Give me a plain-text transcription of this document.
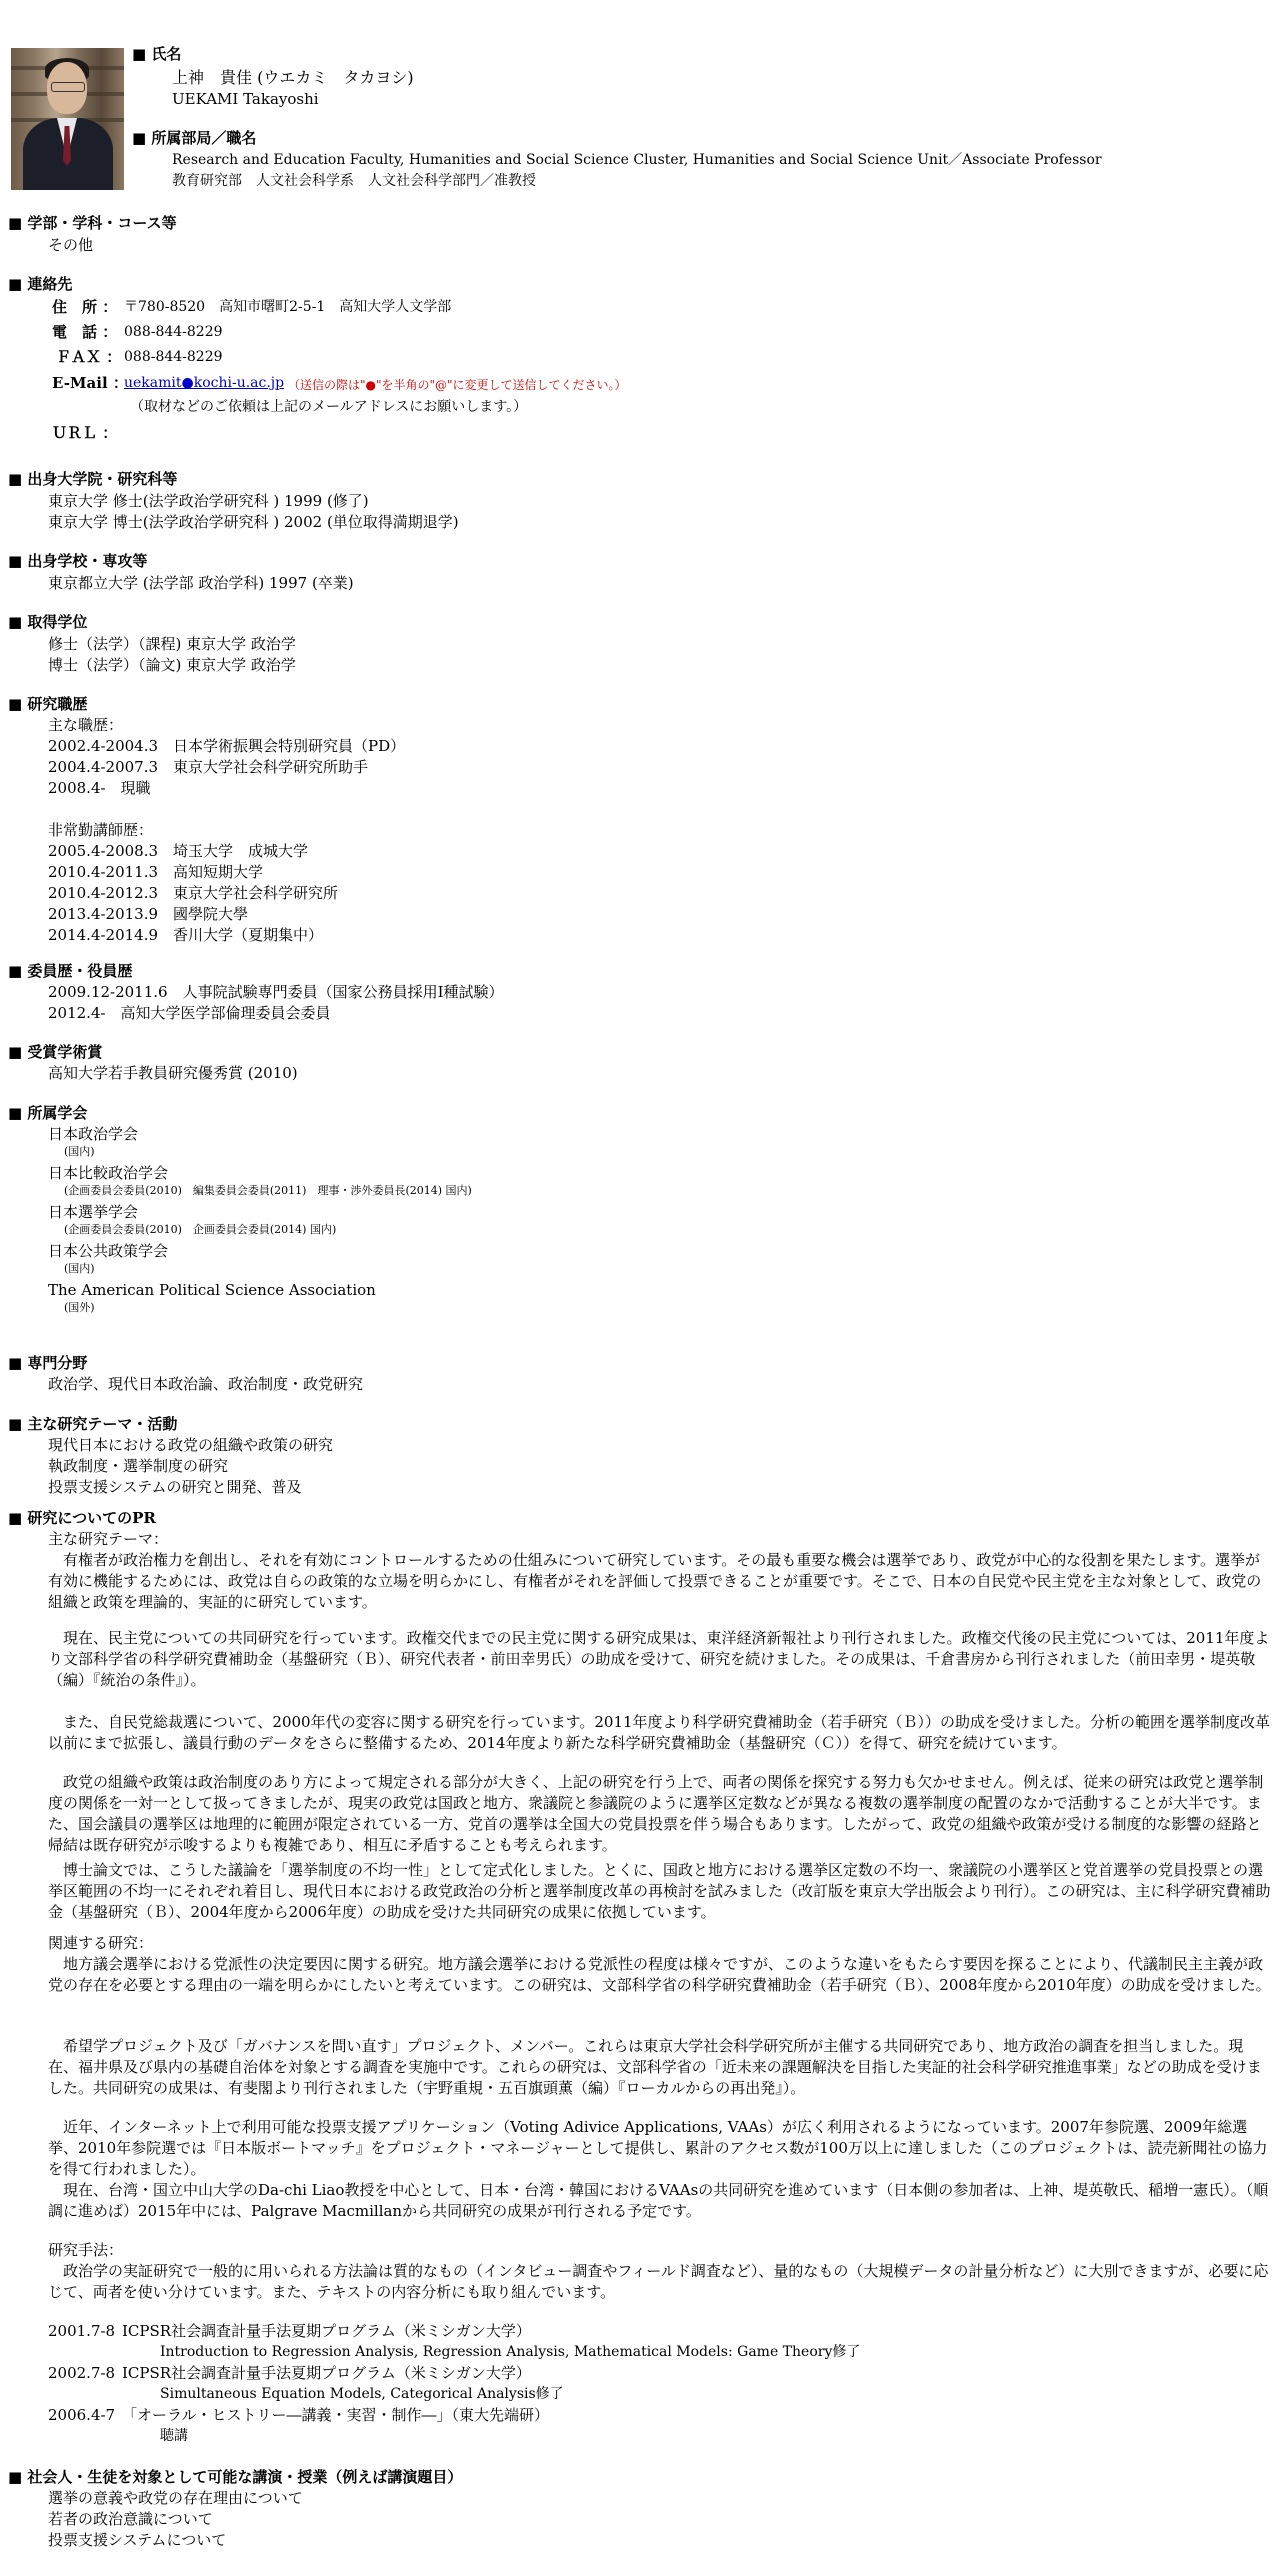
■ 氏名
上神　貴佳 (ウエカミ　タカヨシ)
UEKAMI Takayoshi
■ 所属部局／職名
Research and Education Faculty, Humanities and Social Science Cluster, Humanities and Social Science Unit／Associate Professor
教育研究部　人文社会科学系　人文社会科学部門／准教授
■ 学部・学科・コース等
その他
■ 連絡先
住　所 ： 〒780-8520　高知市曙町2-5-1　高知大学人文学部
電　話 ： 088-844-8229
ＦＡＸ ： 088-844-8229
E-Mail ：
uekamit●kochi-u.ac.jp （送信の際は"●"を半角の"@"に変更して送信してください。）
（取材などのご依頼は上記のメールアドレスにお願いします。）
ＵＲＬ ：
■ 出身大学院・研究科等
東京大学 修士(法学政治学研究科 ) 1999 (修了)
東京大学 博士(法学政治学研究科 ) 2002 (単位取得満期退学)
■ 出身学校・専攻等
東京都立大学 (法学部 政治学科) 1997 (卒業)
■ 取得学位
修士（法学）（課程) 東京大学 政治学
博士（法学）（論文) 東京大学 政治学
■ 研究職歴
主な職歴：
2002.4-2004.3　日本学術振興会特別研究員（PD）
2004.4-2007.3　東京大学社会科学研究所助手
2008.4-　現職
非常勤講師歴：
2005.4-2008.3　埼玉大学　成城大学
2010.4-2011.3　高知短期大学
2010.4-2012.3　東京大学社会科学研究所
2013.4-2013.9　國學院大學
2014.4-2014.9　香川大学（夏期集中）
■ 委員歴・役員歴
2009.12-2011.6　人事院試験専門委員（国家公務員採用Ⅰ種試験）
2012.4-　高知大学医学部倫理委員会委員
■ 受賞学術賞
高知大学若手教員研究優秀賞 (2010)
■ 所属学会
日本政治学会
(国内)
日本比較政治学会
(企画委員会委員(2010)　編集委員会委員(2011)　理事・渉外委員長(2014) 国内)
日本選挙学会
(企画委員会委員(2010)　企画委員会委員(2014) 国内)
日本公共政策学会
(国内)
The American Political Science Association
(国外)
■ 専門分野
政治学、現代日本政治論、政治制度・政党研究
■ 主な研究テーマ・活動
現代日本における政党の組織や政策の研究
執政制度・選挙制度の研究
投票支援システムの研究と開発、普及
■ 研究についてのPR
主な研究テーマ：
　有権者が政治権力を創出し、それを有効にコントロールするための仕組みについて研究しています。その最も重要な機会は選挙であり、政党が中心的な役割を果たします。選挙が有効に機能するためには、政党は自らの政策的な立場を明らかにし、有権者がそれを評価して投票できることが重要です。そこで、日本の自民党や民主党を主な対象として、政党の組織と政策を理論的、実証的に研究しています。
　現在、民主党についての共同研究を行っています。政権交代までの民主党に関する研究成果は、東洋経済新報社より刊行されました。政権交代後の民主党については、2011年度より文部科学省の科学研究費補助金（基盤研究（Ｂ）、研究代表者・前田幸男氏）の助成を受けて、研究を続けました。その成果は、千倉書房から刊行されました（前田幸男・堤英敬（編）『統治の条件』）。
　また、自民党総裁選について、2000年代の変容に関する研究を行っています。2011年度より科学研究費補助金（若手研究（Ｂ））の助成を受けました。分析の範囲を選挙制度改革以前にまで拡張し、議員行動のデータをさらに整備するため、2014年度より新たな科学研究費補助金（基盤研究（Ｃ））を得て、研究を続けています。
　政党の組織や政策は政治制度のあり方によって規定される部分が大きく、上記の研究を行う上で、両者の関係を探究する努力も欠かせません。例えば、従来の研究は政党と選挙制度の関係を一対一として扱ってきましたが、現実の政党は国政と地方、衆議院と参議院のように選挙区定数などが異なる複数の選挙制度の配置のなかで活動することが大半です。また、国会議員の選挙区は地理的に範囲が限定されている一方、党首の選挙は全国大の党員投票を伴う場合もあります。したがって、政党の組織や政策が受ける制度的な影響の経路と帰結は既存研究が示唆するよりも複雑であり、相互に矛盾することも考えられます。
　博士論文では、こうした議論を「選挙制度の不均一性」として定式化しました。とくに、国政と地方における選挙区定数の不均一、衆議院の小選挙区と党首選挙の党員投票との選挙区範囲の不均一にそれぞれ着目し、現代日本における政党政治の分析と選挙制度改革の再検討を試みました（改訂版を東京大学出版会より刊行）。この研究は、主に科学研究費補助金（基盤研究（Ｂ）、2004年度から2006年度）の助成を受けた共同研究の成果に依拠しています。
関連する研究：
　地方議会選挙における党派性の決定要因に関する研究。地方議会選挙における党派性の程度は様々ですが、このような違いをもたらす要因を探ることにより、代議制民主主義が政党の存在を必要とする理由の一端を明らかにしたいと考えています。この研究は、文部科学省の科学研究費補助金（若手研究（Ｂ）、2008年度から2010年度）の助成を受けました。
　希望学プロジェクト及び「ガバナンスを問い直す」プロジェクト、メンバー。これらは東京大学社会科学研究所が主催する共同研究であり、地方政治の調査を担当しました。現在、福井県及び県内の基礎自治体を対象とする調査を実施中です。これらの研究は、文部科学省の「近未来の課題解決を目指した実証的社会科学研究推進事業」などの助成を受けました。共同研究の成果は、有斐閣より刊行されました（宇野重規・五百旗頭薫（編）『ローカルからの再出発』）。
　近年、インターネット上で利用可能な投票支援アプリケーション（Voting Adivice Applications, VAAs）が広く利用されるようになっています。2007年参院選、2009年総選挙、2010年参院選では『日本版ボートマッチ』をプロジェクト・マネージャーとして提供し、累計のアクセス数が100万以上に達しました（このプロジェクトは、読売新聞社の協力を得て行われました）。
　現在、台湾・国立中山大学のDa-chi Liao教授を中心として、日本・台湾・韓国におけるVAAsの共同研究を進めています（日本側の参加者は、上神、堤英敬氏、稲増一憲氏）。（順調に進めば）2015年中には、Palgrave Macmillanから共同研究の成果が刊行される予定です。
研究手法：
　政治学の実証研究で一般的に用いられる方法論は質的なもの（インタビュー調査やフィールド調査など）、量的なもの（大規模データの計量分析など）に大別できますが、必要に応じて、両者を使い分けています。また、テキストの内容分析にも取り組んでいます。
2001.7-8 ICPSR社会調査計量手法夏期プログラム（米ミシガン大学）
Introduction to Regression Analysis, Regression Analysis, Mathematical Models: Game Theory修了
2002.7-8 ICPSR社会調査計量手法夏期プログラム（米ミシガン大学）
Simultaneous Equation Models, Categorical Analysis修了
2006.4-7 「オーラル・ヒストリー―講義・実習・制作―」（東大先端研）
聴講
■ 社会人・生徒を対象として可能な講演・授業（例えば講演題目）
選挙の意義や政党の存在理由について
若者の政治意識について
投票支援システムについて
